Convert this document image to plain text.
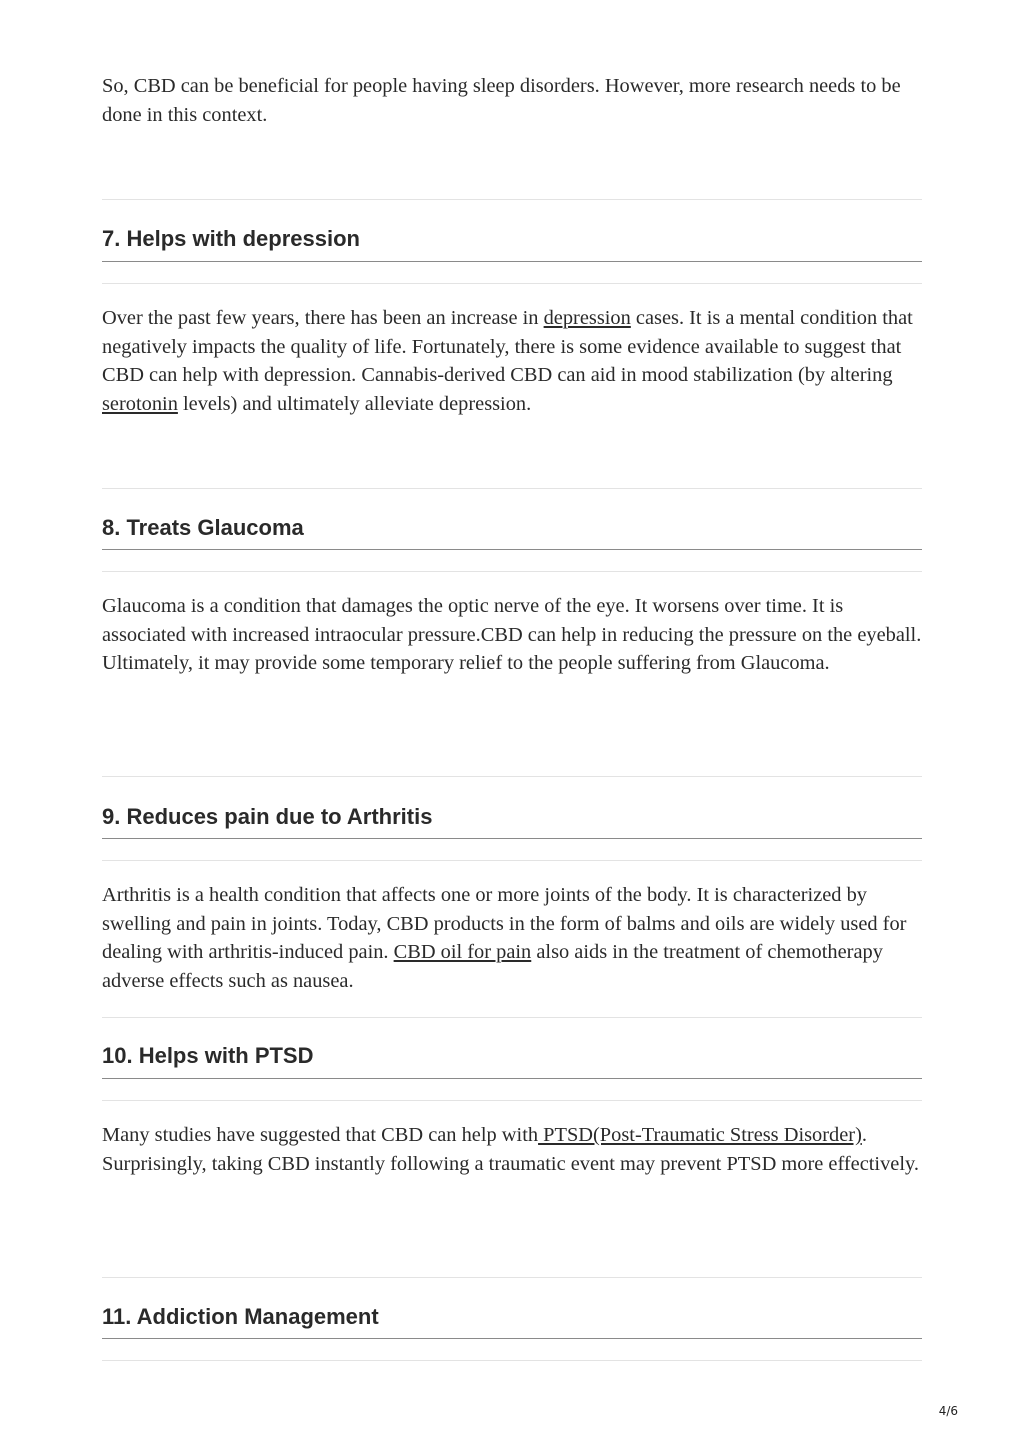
So, CBD can be beneficial for people having sleep disorders. However, more research needs to be done in this context.

7. Helps with depression

Over the past few years, there has been an increase in depression cases. It is a mental condition that negatively impacts the quality of life. Fortunately, there is some evidence available to suggest that CBD can help with depression. Cannabis-derived CBD can aid in mood stabilization (by altering serotonin levels) and ultimately alleviate depression.

8. Treats Glaucoma

Glaucoma is a condition that damages the optic nerve of the eye. It worsens over time. It is associated with increased intraocular pressure.CBD can help in reducing the pressure on the eyeball. Ultimately, it may provide some temporary relief to the people suffering from Glaucoma.

9. Reduces pain due to Arthritis

Arthritis is a health condition that affects one or more joints of the body. It is characterized by swelling and pain in joints. Today, CBD products in the form of balms and oils are widely used for dealing with arthritis-induced pain. CBD oil for pain also aids in the treatment of chemotherapy adverse effects such as nausea.

10. Helps with PTSD

Many studies have suggested that CBD can help with PTSD(Post-Traumatic Stress Disorder). Surprisingly, taking CBD instantly following a traumatic event may prevent PTSD more effectively.

11. Addiction Management
4/6
